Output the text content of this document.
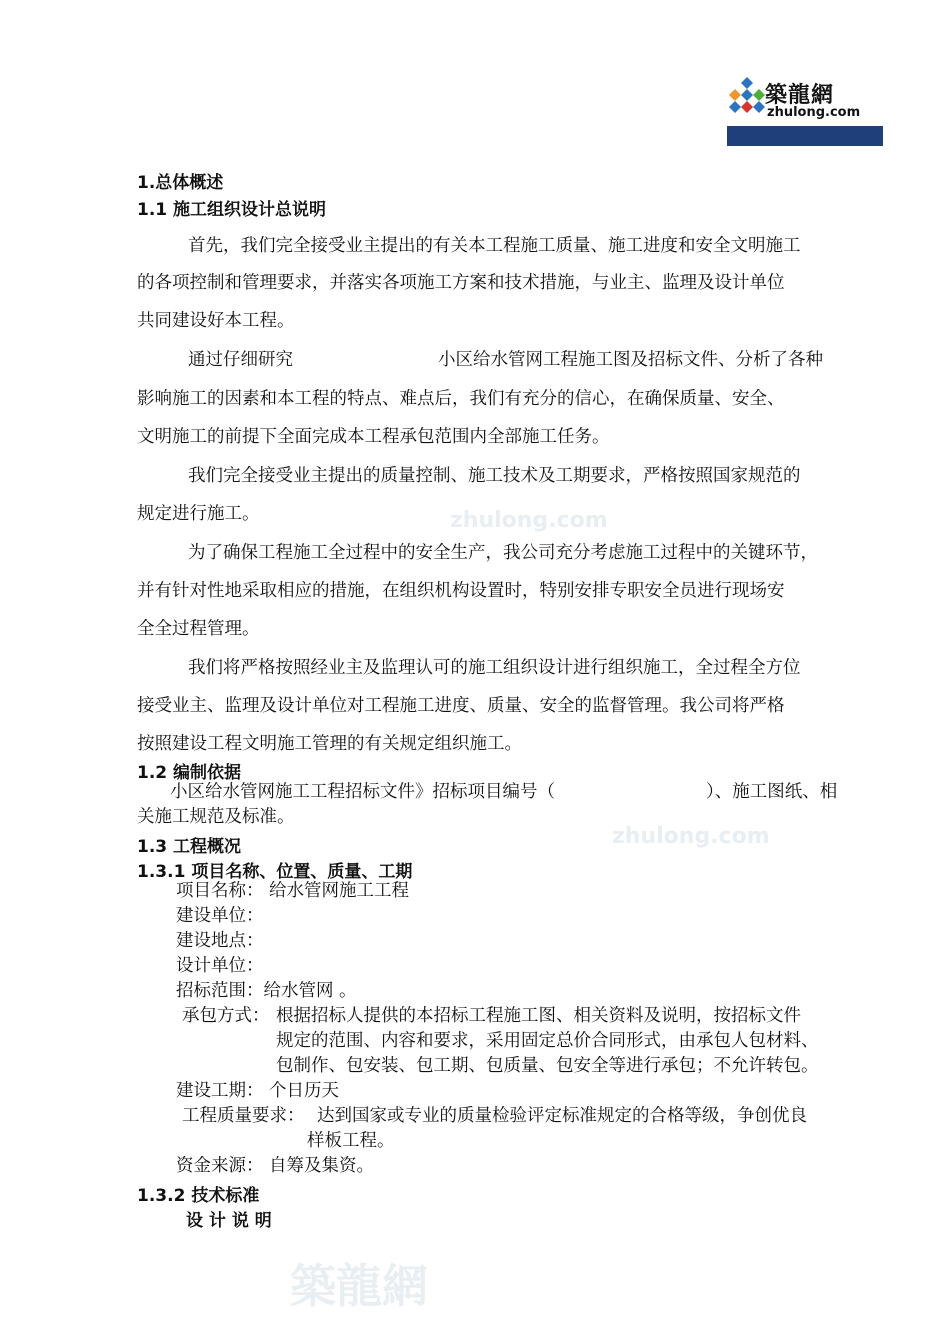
zhulong.com
zhulong.com
築龍網
築龍網
zhulong.com
建筑资料下载就在筑龙网
1.总体概述
1.1 施工组织设计总说明
首先，我们完全接受业主提出的有关本工程施工质量、施工进度和安全文明施工
的各项控制和管理要求，并落实各项施工方案和技术措施，与业主、监理及设计单位
共同建设好本工程。
通过仔细研究	小区给水管网工程施工图及招标文件、分析了各种
影响施工的因素和本工程的特点、难点后，我们有充分的信心，在确保质量、安全、
文明施工的前提下全面完成本工程承包范围内全部施工任务。
我们完全接受业主提出的质量控制、施工技术及工期要求，严格按照国家规范的
规定进行施工。
为了确保工程施工全过程中的安全生产，我公司充分考虑施工过程中的关键环节，
并有针对性地采取相应的措施，在组织机构设置时，特别安排专职安全员进行现场安
全全过程管理。
我们将严格按照经业主及监理认可的施工组织设计进行组织施工，全过程全方位
接受业主、监理及设计单位对工程施工进度、质量、安全的监督管理。我公司将严格
按照建设工程文明施工管理的有关规定组织施工。
1.2 编制依据
小区给水管网施工工程招标文件》招标项目编号（	）、施工图纸、相
关施工规范及标准。
1.3 工程概况
1.3.1 项目名称、位置、质量、工期
项目名称： 给水管网施工工程
建设单位：
建设地点：
设计单位：
招标范围：给水管网 。
承包方式： 根据招标人提供的本招标工程施工图、相关资料及说明，按招标文件
规定的范围、内容和要求，采用固定总价合同形式，由承包人包材料、
包制作、包安装、包工期、包质量、包安全等进行承包；不允许转包。
建设工期： 个日历天
工程质量要求： 达到国家或专业的质量检验评定标准规定的合格等级，争创优良
样板工程。
资金来源： 自筹及集资。
1.3.2 技术标准
设 计 说 明
